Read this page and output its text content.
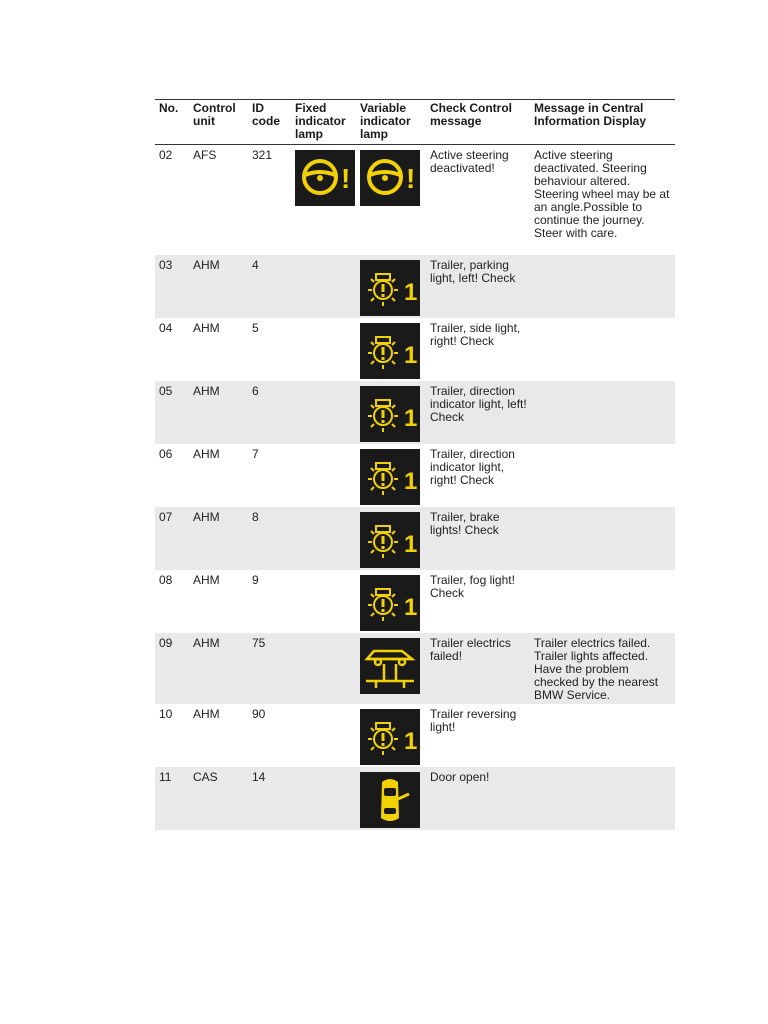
No.	Control unit	ID code	Fixed indicator lamp	Variable indicator lamp	Check Control message	Message in Central Information Display
02	AFS	321	!	!	Active steering deactivated!	Active steering deactivated. Steering behaviour altered. Steering wheel may be at an angle.Possible to continue the journey. Steer with care.
03	AHM	4		1	Trailer, parking light, left! Check	
04	AHM	5		1	Trailer, side light, right! Check	
05	AHM	6		1	Trailer, direction indicator light, left! Check	
06	AHM	7		1	Trailer, direction indicator light, right! Check	
07	AHM	8		1	Trailer, brake lights! Check	
08	AHM	9		1	Trailer, fog light! Check	
09	AHM	75			Trailer electrics failed!	Trailer electrics failed. Trailer lights affected. Have the problem checked by the nearest BMW Service.
10	AHM	90		1	Trailer reversing light!	
11	CAS	14			Door open!	
